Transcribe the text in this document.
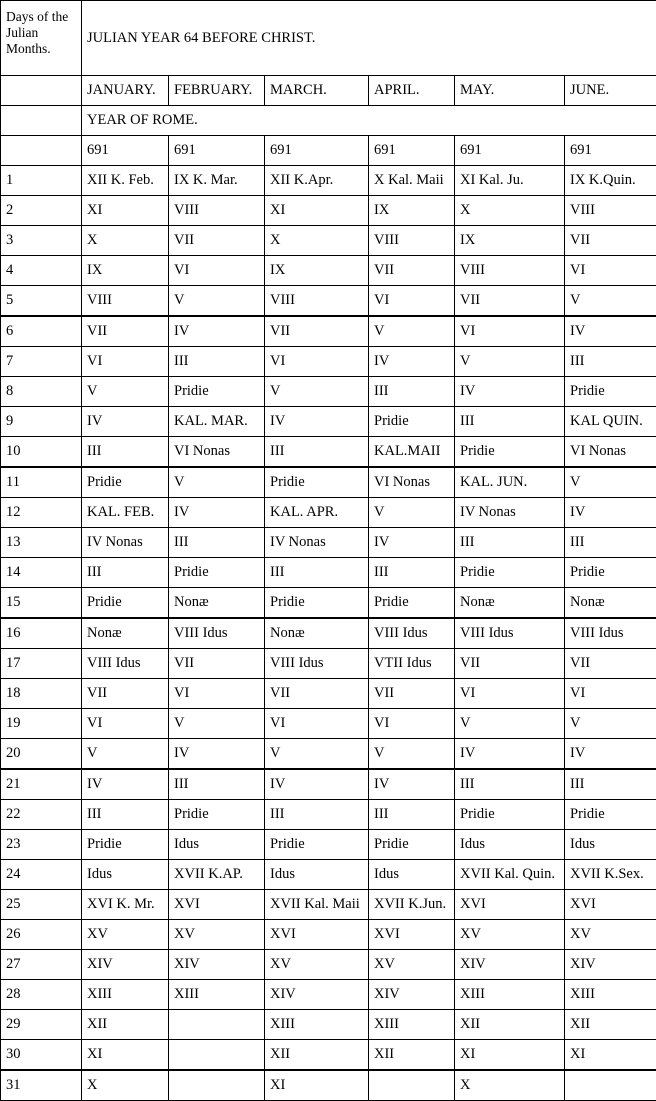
Days of the
Julian
Months.	JULIAN YEAR 64 BEFORE CHRIST.					
	JANUARY.	FEBRUARY.	MARCH.	APRIL.	MAY.	JUNE.
	YEAR OF ROME.					
	691	691	691	691	691	691
1	XII K. Feb.	IX K. Mar.	XII K.Apr.	X Kal. Maii	XI Kal. Ju.	IX K.Quin.
2	XI	VIII	XI	IX	X	VIII
3	X	VII	X	VIII	IX	VII
4	IX	VI	IX	VII	VIII	VI
5	VIII	V	VIII	VI	VII	V
6	VII	IV	VII	V	VI	IV
7	VI	III	VI	IV	V	III
8	V	Pridie	V	III	IV	Pridie
9	IV	KAL. MAR.	IV	Pridie	III	KAL QUIN.
10	III	VI Nonas	III	KAL.MAII	Pridie	VI Nonas
11	Pridie	V	Pridie	VI Nonas	KAL. JUN.	V
12	KAL. FEB.	IV	KAL. APR.	V	IV Nonas	IV
13	IV Nonas	III	IV Nonas	IV	III	III
14	III	Pridie	III	III	Pridie	Pridie
15	Pridie	Nonæ	Pridie	Pridie	Nonæ	Nonæ
16	Nonæ	VIII Idus	Nonæ	VIII Idus	VIII Idus	VIII Idus
17	VIII Idus	VII	VIII Idus	VTII Idus	VII	VII
18	VII	VI	VII	VII	VI	VI
19	VI	V	VI	VI	V	V
20	V	IV	V	V	IV	IV
21	IV	III	IV	IV	III	III
22	III	Pridie	III	III	Pridie	Pridie
23	Pridie	Idus	Pridie	Pridie	Idus	Idus
24	Idus	XVII K.AP.	Idus	Idus	XVII Kal. Quin.	XVII K.Sex.
25	XVI K. Mr.	XVI	XVII Kal. Maii	XVII K.Jun.	XVI	XVI
26	XV	XV	XVI	XVI	XV	XV
27	XIV	XIV	XV	XV	XIV	XIV
28	XIII	XIII	XIV	XIV	XIII	XIII
29	XII		XIII	XIII	XII	XII
30	XI		XII	XII	XI	XI
31	X		XI		X	
